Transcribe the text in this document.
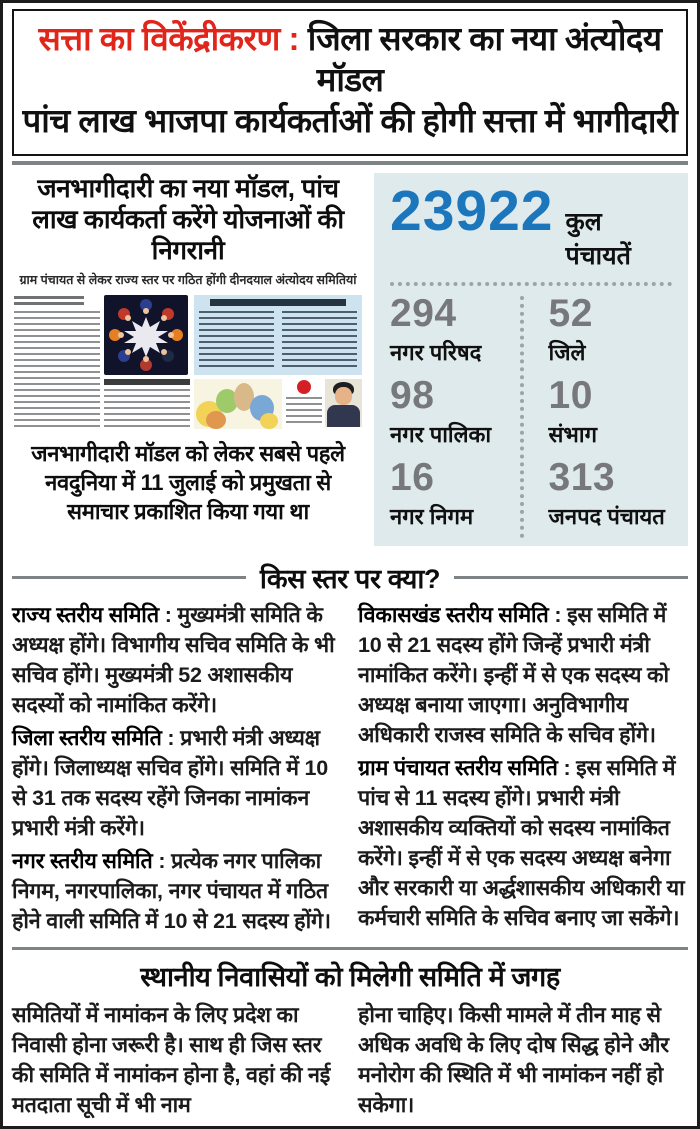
सत्ता का विकेंद्रीकरण : जिला सरकार का नया अंत्योदय मॉडल
पांच लाख भाजपा कार्यकर्ताओं की होगी सत्ता में भागीदारी
जनभागीदारी का नया मॉडल, पांच लाख कार्यकर्ता करेंगे योजनाओं की निगरानी
ग्राम पंचायत से लेकर राज्य स्तर पर गठित होंगी दीनदयाल अंत्योदय समितियां
जनभागीदारी मॉडल को लेकर सबसे पहले नवदुनिया में 11 जुलाई को प्रमुखता से समाचार प्रकाशित किया गया था
23922 कुल पंचायतें
294
नगर परिषद
52
जिले
98
नगर पालिका
10
संभाग
16
नगर निगम
313
जनपद पंचायत
किस स्तर पर क्या?

राज्य स्तरीय समिति : मुख्यमंत्री समिति के अध्यक्ष होंगे। विभागीय सचिव समिति के भी सचिव होंगे। मुख्यमंत्री 52 अशासकीय सदस्यों को नामांकित करेंगे।

जिला स्तरीय समिति : प्रभारी मंत्री अध्यक्ष होंगे। जिलाध्यक्ष सचिव होंगे। समिति में 10 से 31 तक सदस्य रहेंगे जिनका नामांकन प्रभारी मंत्री करेंगे।

नगर स्तरीय समिति : प्रत्येक नगर पालिका निगम, नगरपालिका, नगर पंचायत में गठित होने वाली समिति में 10 से 21 सदस्य होंगे।

विकासखंड स्तरीय समिति : इस समिति में 10 से 21 सदस्य होंगे जिन्हें प्रभारी मंत्री नामांकित करेंगे। इन्हीं में से एक सदस्य को अध्यक्ष बनाया जाएगा। अनुविभागीय अधिकारी राजस्व समिति के सचिव होंगे।

ग्राम पंचायत स्तरीय समिति : इस समिति में पांच से 11 सदस्य होंगे। प्रभारी मंत्री अशासकीय व्यक्तियों को सदस्य नामांकित करेंगे। इन्हीं में से एक सदस्य अध्यक्ष बनेगा और सरकारी या अर्द्धशासकीय अधिकारी या कर्मचारी समिति के सचिव बनाए जा सकेंगे।

स्थानीय निवासियों को मिलेगी समिति में जगह
समितियों में नामांकन के लिए प्रदेश का निवासी होना जरूरी है। साथ ही जिस स्तर की समिति में नामांकन होना है, वहां की नई मतदाता सूची में भी नाम
होना चाहिए। किसी मामले में तीन माह से अधिक अवधि के लिए दोष सिद्ध होने और मनोरोग की स्थिति में भी नामांकन नहीं हो सकेगा।
